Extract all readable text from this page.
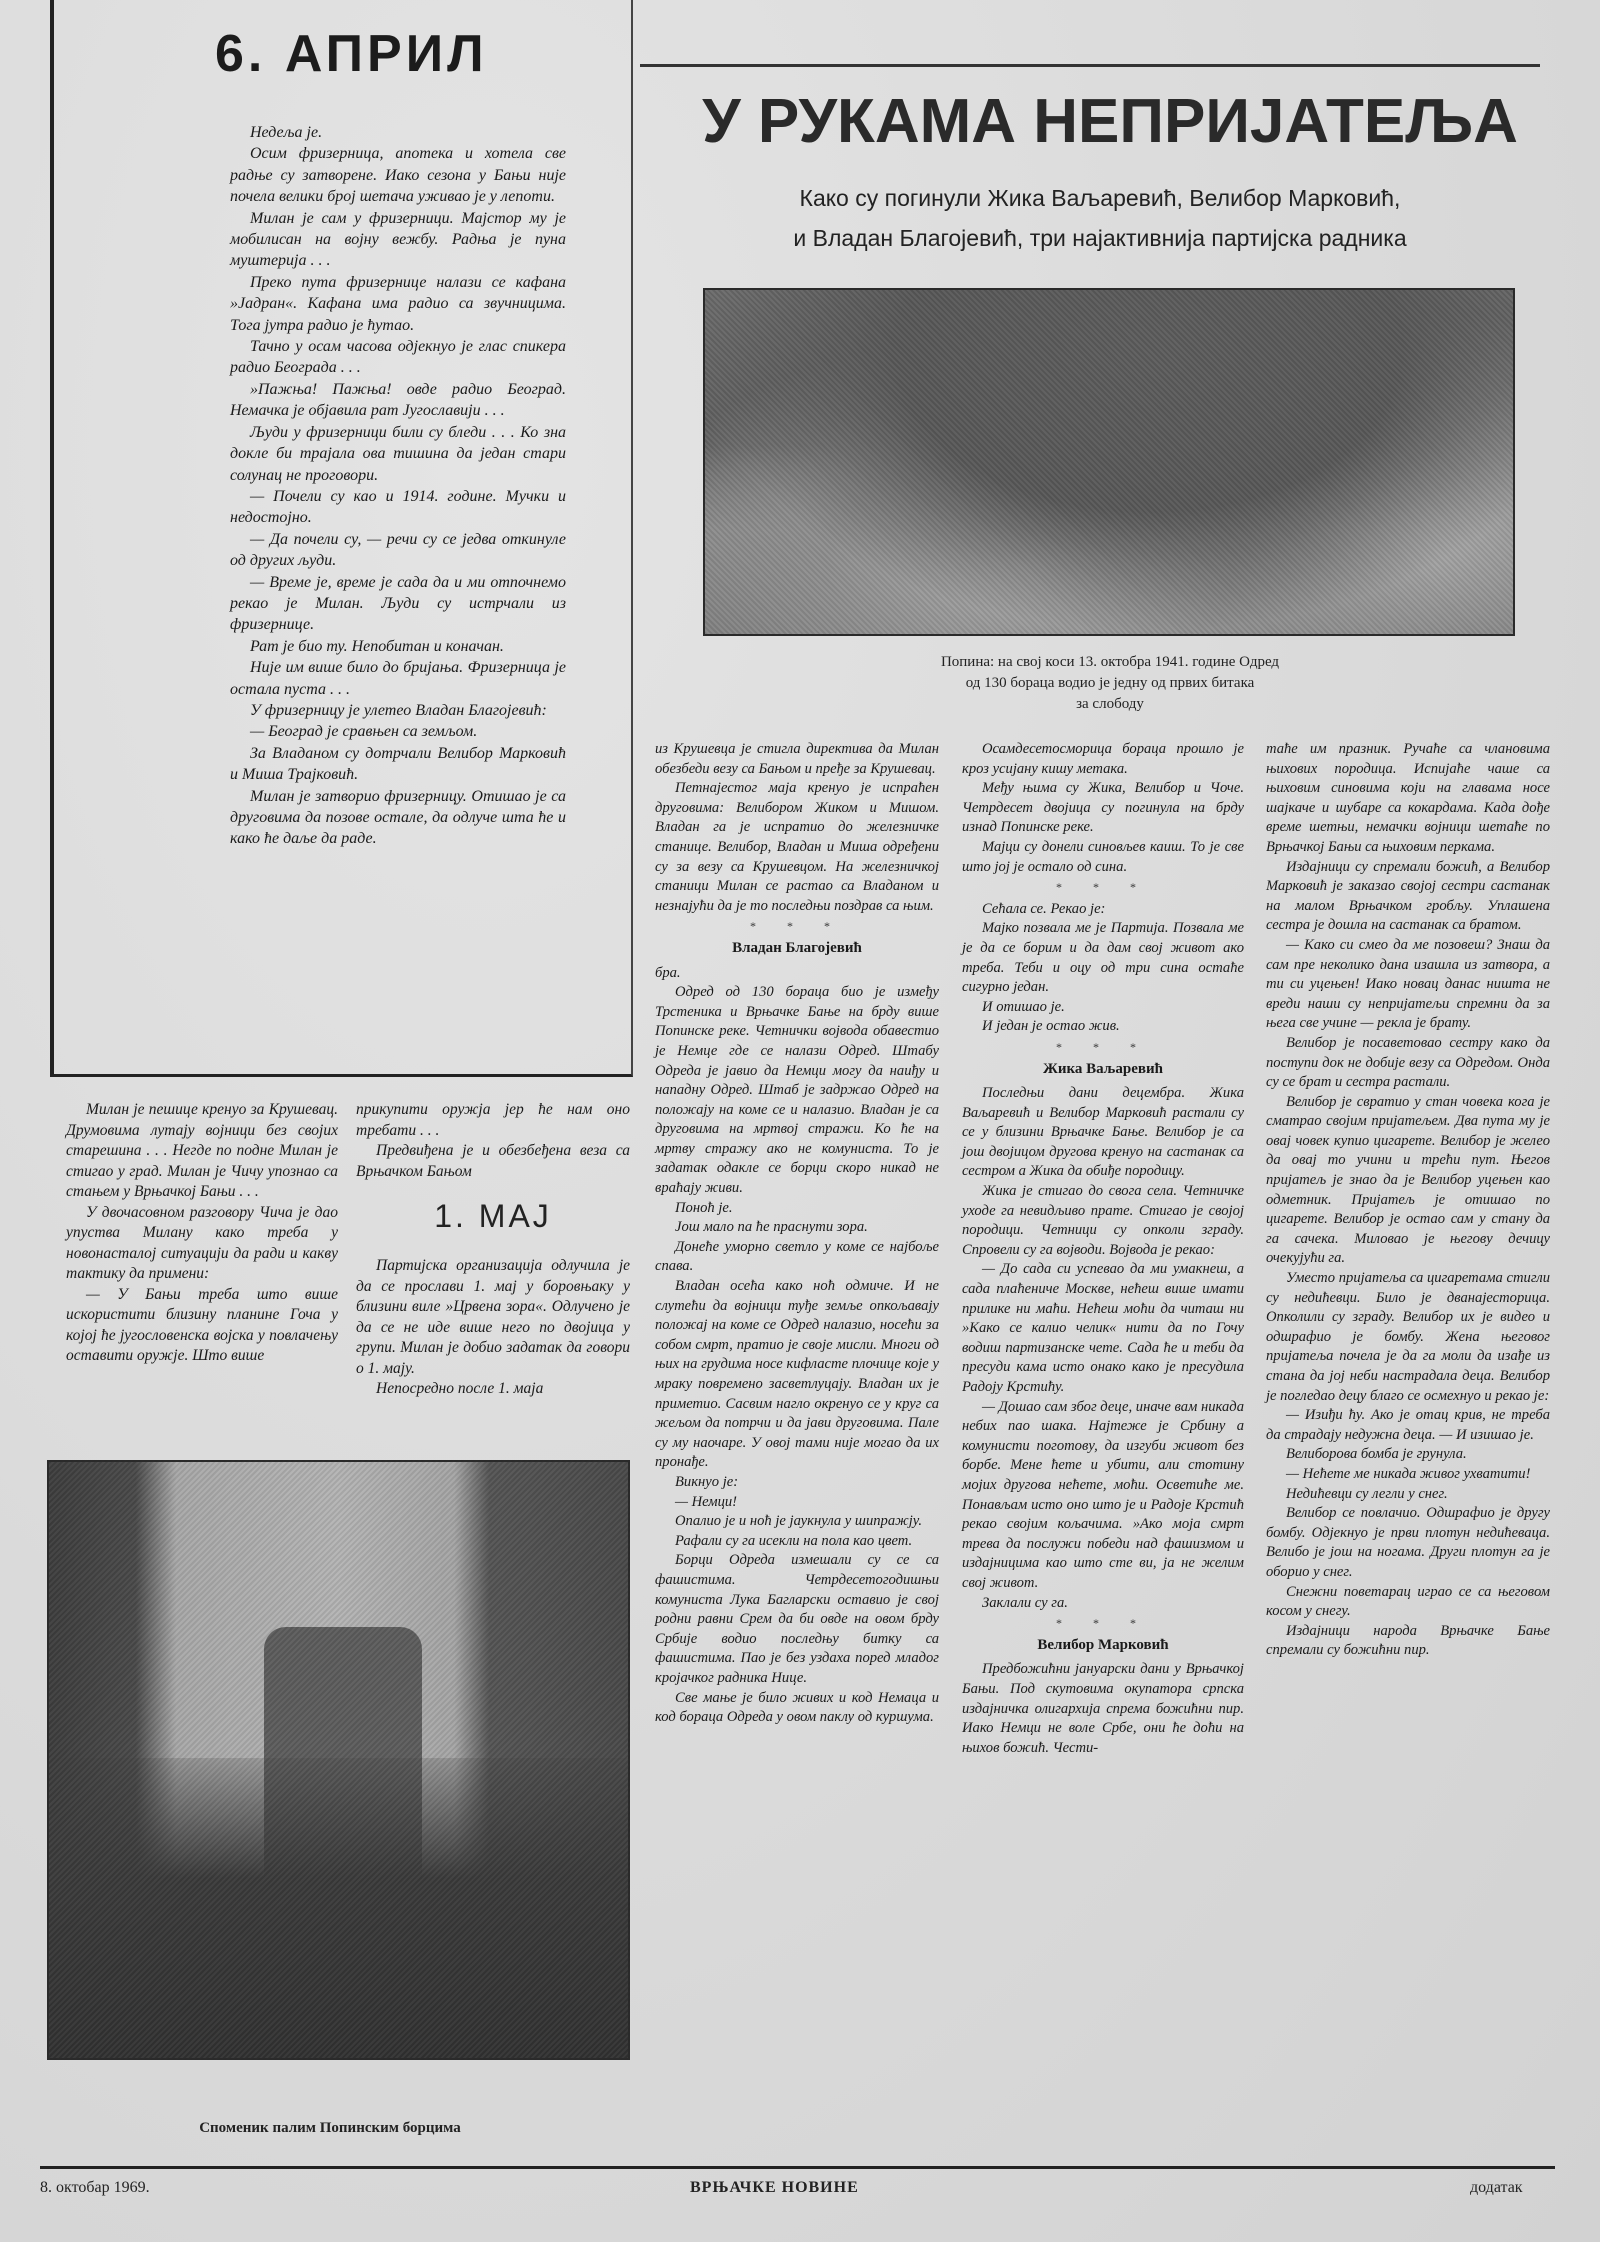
6. АПРИЛ

Недеља је.

Осим фризерница, апотека и хотела све радње су затворене. Иако сезона у Бањи није почела велики број шетача уживао је у лепоти.

Милан је сам у фризерници. Мајстор му је мобилисан на војну вежбу. Радња је пуна муштерија . . .

Преко пута фризернице налази се кафана »Јадран«. Кафана има радио са звучницима. Тога јутра радио је ћутао.

Тачно у осам часова одјекнуо је глас спикера радио Београда . . .

»Пажња! Пажња! овде радио Београд. Немачка је објавила рат Југославији . . .

Људи у фризерници били су бледи . . . Ко зна докле би трајала ова тишина да један стари солунац не проговори.

— Почели су као и 1914. године. Мучки и недостојно.

— Да почели су, — речи су се једва откинуле од других људи.

— Време је, време је сада да и ми отпочнемо рекао је Милан. Људи су истрчали из фризернице.

Рат је био ту. Непобитан и коначан.

Није им више било до бријања. Фризерница је остала пуста . . .

У фризерницу је улетео Владан Благојевић:

— Београд је сравњен са земљом.

За Владаном су дотрчали Велибор Марковић и Миша Трајковић.

Милан је затворио фризерницу. Отишао је са друговима да позове остале, да одлуче шта ће и како ће даље да раде.

Милан је пешице кренуо за Крушевац. Друмовима лутају војници без својих старешина . . . Негде по подне Милан је стигао у град. Милан је Чичу упознао са стањем у Врњачкој Бањи . . .

У двочасовном разговору Чича је дао упуства Милану како треба у новонасталој ситуацији да ради и какву тактику да примени:

— У Бањи треба што више искористити близину планине Гоча у којој ће југословенска војска у повлачењу оставити оружје. Што више

прикупити оружја јер ће нам оно требати . . .

Предвиђена је и обезбеђена веза са Врњачком Бањом

1. МАЈ

Партијска организација одлучила је да се прослави 1. мај у боровњаку у близини виле »Црвена зора«. Одлучено је да се не иде више него по двојица у групи. Милан је добио задатак да говори о 1. мају.

Непосредно после 1. маја

Споменик палим Попинским борцима
У РУКАМА НЕПРИЈАТЕЉА
Како су погинули Жика Ваљаревић, Велибор Марковић,
и Владан Благојевић, три најактивнија партијска радника
Попина: на свој коси 13. октобра 1941. године Одред
од 130 бораца водио је једну од првих битака
за слободу

из Крушевца је стигла директива да Милан обезбеди везу са Бањом и пређе за Крушевац.

Петнајестог маја кренуо је испраћен друговима: Велибором Жиком и Мишом. Владан га је испратио до железничке станице. Велибор, Владан и Миша одређени су за везу са Крушевцом. На железничкој станици Милан се растао са Владаном и незнајући да је то последњи поздрав са њим.

* * *
Владан Благојевић

бра.

Одред од 130 бораца био је између Трстеника и Врњачке Бање на брду више Попинске реке. Четнички војвода обавестио је Немце где се налази Одред. Штабу Одреда је јавио да Немци могу да наиђу и нападну Одред. Штаб је задржао Одред на положају на коме се и налазио. Владан је са друговима на мртвој стражи. Ко ће на мртву стражу ако не комуниста. То је задатак одакле се борци скоро никад не враћају живи.

Поноћ је.

Још мало па ће праснути зора.

Донеће уморно светло у коме се најбоље спава.

Владан осећа како ноћ одмиче. И не слутећи да војници туђе земље опкољавају положај на коме се Одред налазио, носећи за собом смрт, пратио је своје мисли. Многи од њих на грудима носе кифласте плочице које у мраку повремено засветлуцају. Владан их је приметио. Сасвим нагло окренуо се у круг са жељом да потрчи и да јави друговима. Пале су му наочаре. У овој тами није могао да их пронађе.

Викнуо је:

— Немци!

Опалио је и ноћ је јаукнула у шипражју.

Рафали су га исекли на пола као цвет.

Борци Одреда измешали су се са фашистима. Четрдесетогодишњи комуниста Лука Багларски оставио је свој родни равни Срем да би овде на овом брду Србије водио последњу битку са фашистима. Пао је без уздаха поред младог кројачког радника Нице.

Све мање је било живих и код Немаца и код бораца Одреда у овом паклу од куршума.

Осамдесетосморица бораца прошло је кроз усијану кишу метака.

Међу њима су Жика, Велибор и Чоче. Четрдесет двојица су погинула на брду изнад Попинске реке.

Мајци су донели синовљев каиш. То је све што јој је остало од сина.

* * *

Сећала се. Рекао је:

Мајко позвала ме је Партија. Позвала ме је да се борим и да дам свој живот ако треба. Теби и оцу од три сина остаће сигурно један.

И отишао је.

И један је остао жив.

* * *
Жика Ваљаревић

Последњи дани децембра. Жика Ваљаревић и Велибор Марковић растали су се у близини Врњачке Бање. Велибор је са још двојицом другова кренуо на састанак са сестром а Жика да обиђе породицу.

Жика је стигао до свога села. Четничке уходе га невидљиво прате. Стигао је својој породици. Четници су опколи зграду. Спровели су га војводи. Војвода је рекао:

— До сада си успевао да ми умакнеш, а сада плаћениче Москве, нећеш више имати прилике ни маћи. Нећеш моћи да читаш ни »Како се калио челик« нити да по Гочу водиш партизанске чете. Сада ће и теби да пресуди кама исто онако како је пресудила Радоју Крстићу.

— Дошао сам због деце, иначе вам никада небих пао шака. Најтеже је Србину а комунисти поготову, да изгуби живот без борбе. Мене ћете и убити, али стотину мојих другова нећете, моћи. Осветиће ме. Понављам исто оно што је и Радоје Крстић рекао својим кољачима. »Ако моја смрт трева да послужи победи над фашизмом и издајницима као што сте ви, ја не желим свој живот.

Заклали су га.

* * *
Велибор Марковић

Предбожићни јануарски дани у Врњачкој Бањи. Под скутовима окупатора српска издајничка олигархија спрема божићни пир. Иако Немци не воле Србе, они ће доћи на њихов божић. Чести-

таће им празник. Ручаће са члановима њихових породица. Испијаће чаше са њиховим синовима који на главама носе шајкаче и шубаре са кокардама. Када дође време шетњи, немачки војници шетаће по Врњачкој Бањи са њиховим перкама.

Издајници су спремали божић, а Велибор Марковић је заказао својој сестри састанак на малом Врњачком гробљу. Уплашена сестра је дошла на састанак са братом.

— Како си смео да ме позовеш? Знаш да сам пре неколико дана изашла из затвора, а ти си уцењен! Иако новац данас ништа не вреди наши су непријатељи спремни да за њега све учине — рекла је брату.

Велибор је посаветовао сестру како да поступи док не добије везу са Одредом. Онда су се брат и сестра растали.

Велибор је свратио у стан човека кога је сматрао својим пријатељем. Два пута му је овај човек купио цигарете. Велибор је желео да овај то учини и трећи пут. Његов пријатељ је знао да је Велибор уцењен као одметник. Пријатељ је отишао по цигарете. Велибор је остао сам у стану да га сачека. Миловао је његову дечицу очекујући га.

Уместо пријатеља са цигаретама стигли су недићевци. Било је дванајесторица. Опколили су зграду. Велибор их је видео и одшрафио је бомбу. Жена његовог пријатеља почела је да га моли да изађе из стана да јој неби настрадала деца. Велибор је погледао децу благо се осмехнуо и рекао је:

— Изиђи ћу. Ако је отац крив, не треба да страдају недужна деца. — И изишао је.

Велиборова бомба је грунула.

— Нећете ме никада живог ухватити!

Недићевци су легли у снег.

Велибор се повлачио. Одшрафио је другу бомбу. Одјекнуо је први плотун недићеваца. Велибо је још на ногама. Други плотун га је оборио у снег.

Снежни поветарац играо се са његовом косом у снегу.

Издајници народа Врњачке Бање спремали су божићни пир.

8. октобар 1969.	ВРЊАЧКЕ НОВИНЕ	додатак
